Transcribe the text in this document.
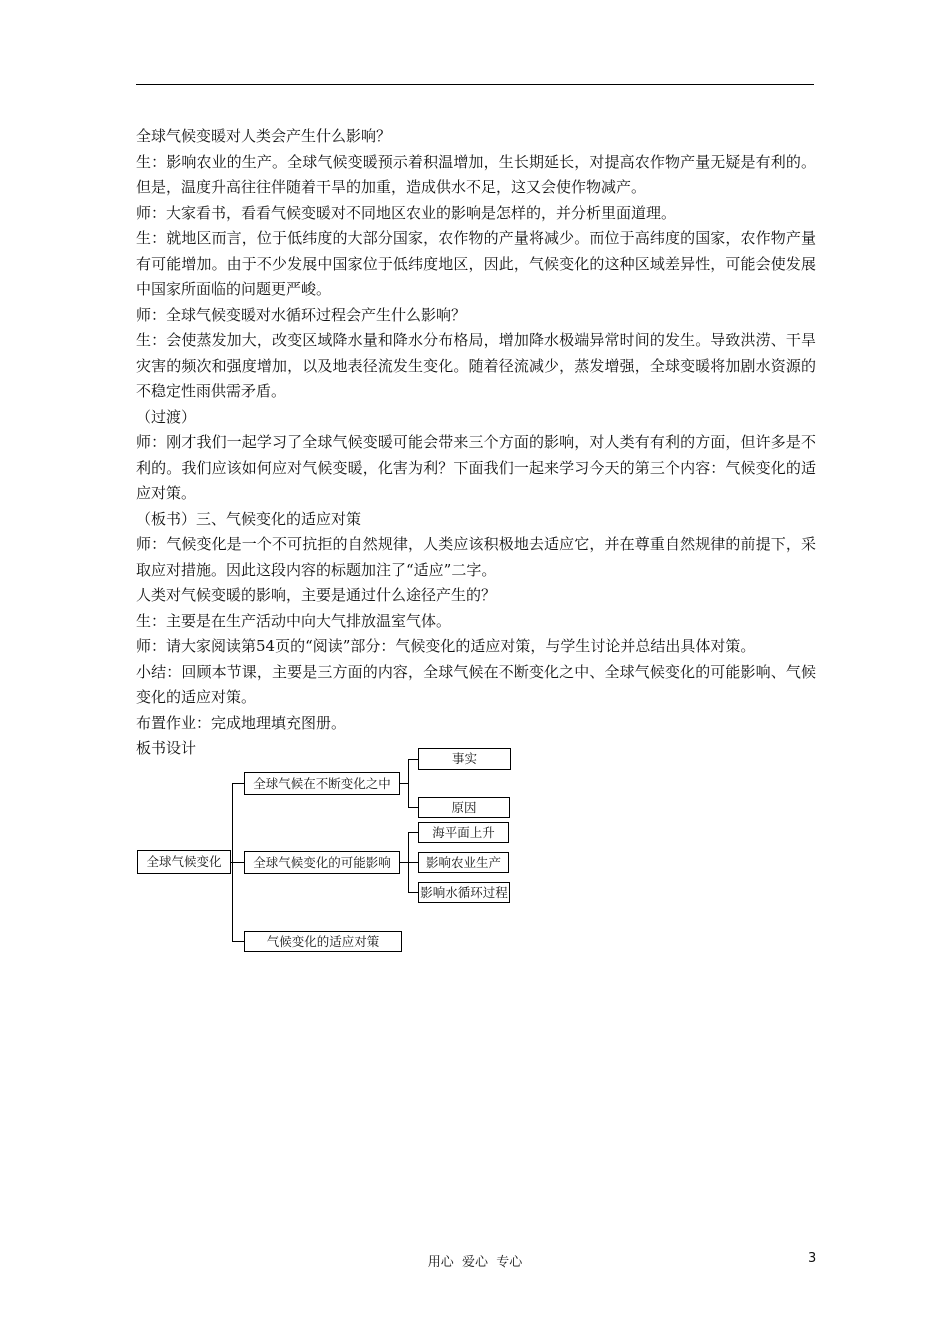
全球气候变暖对人类会产生什么影响？

生：影响农业的生产。全球气候变暖预示着积温增加，生长期延长，对提高农作物产量无疑是有利的。但是，温度升高往往伴随着干旱的加重，造成供水不足，这又会使作物减产。

师：大家看书，看看气候变暖对不同地区农业的影响是怎样的，并分析里面道理。

生：就地区而言，位于低纬度的大部分国家，农作物的产量将减少。而位于高纬度的国家，农作物产量有可能增加。由于不少发展中国家位于低纬度地区，因此，气候变化的这种区域差异性，可能会使发展中国家所面临的问题更严峻。

师：全球气候变暖对水循环过程会产生什么影响？

生：会使蒸发加大，改变区域降水量和降水分布格局，增加降水极端异常时间的发生。导致洪涝、干旱灾害的频次和强度增加，以及地表径流发生变化。随着径流减少，蒸发增强，全球变暖将加剧水资源的不稳定性雨供需矛盾。

（过渡）

师：刚才我们一起学习了全球气候变暖可能会带来三个方面的影响，对人类有有利的方面，但许多是不利的。我们应该如何应对气候变暖，化害为利？下面我们一起来学习今天的第三个内容：气候变化的适应对策。

（板书）三、气候变化的适应对策

师：气候变化是一个不可抗拒的自然规律，人类应该积极地去适应它，并在尊重自然规律的前提下，采取应对措施。因此这段内容的标题加注了“适应”二字。

人类对气候变暖的影响，主要是通过什么途径产生的？

生：主要是在生产活动中向大气排放温室气体。

师：请大家阅读第54页的“阅读”部分：气候变化的适应对策，与学生讨论并总结出具体对策。

小结：回顾本节课，主要是三方面的内容，全球气候在不断变化之中、全球气候变化的可能影响、气候变化的适应对策。

布置作业：完成地理填充图册。

板书设计

全球气候变化
全球气候在不断变化之中
全球气候变化的可能影响
气候变化的适应对策
事实
原因
海平面上升
影响农业生产
影响水循环过程
用心  爱心  专心	3
